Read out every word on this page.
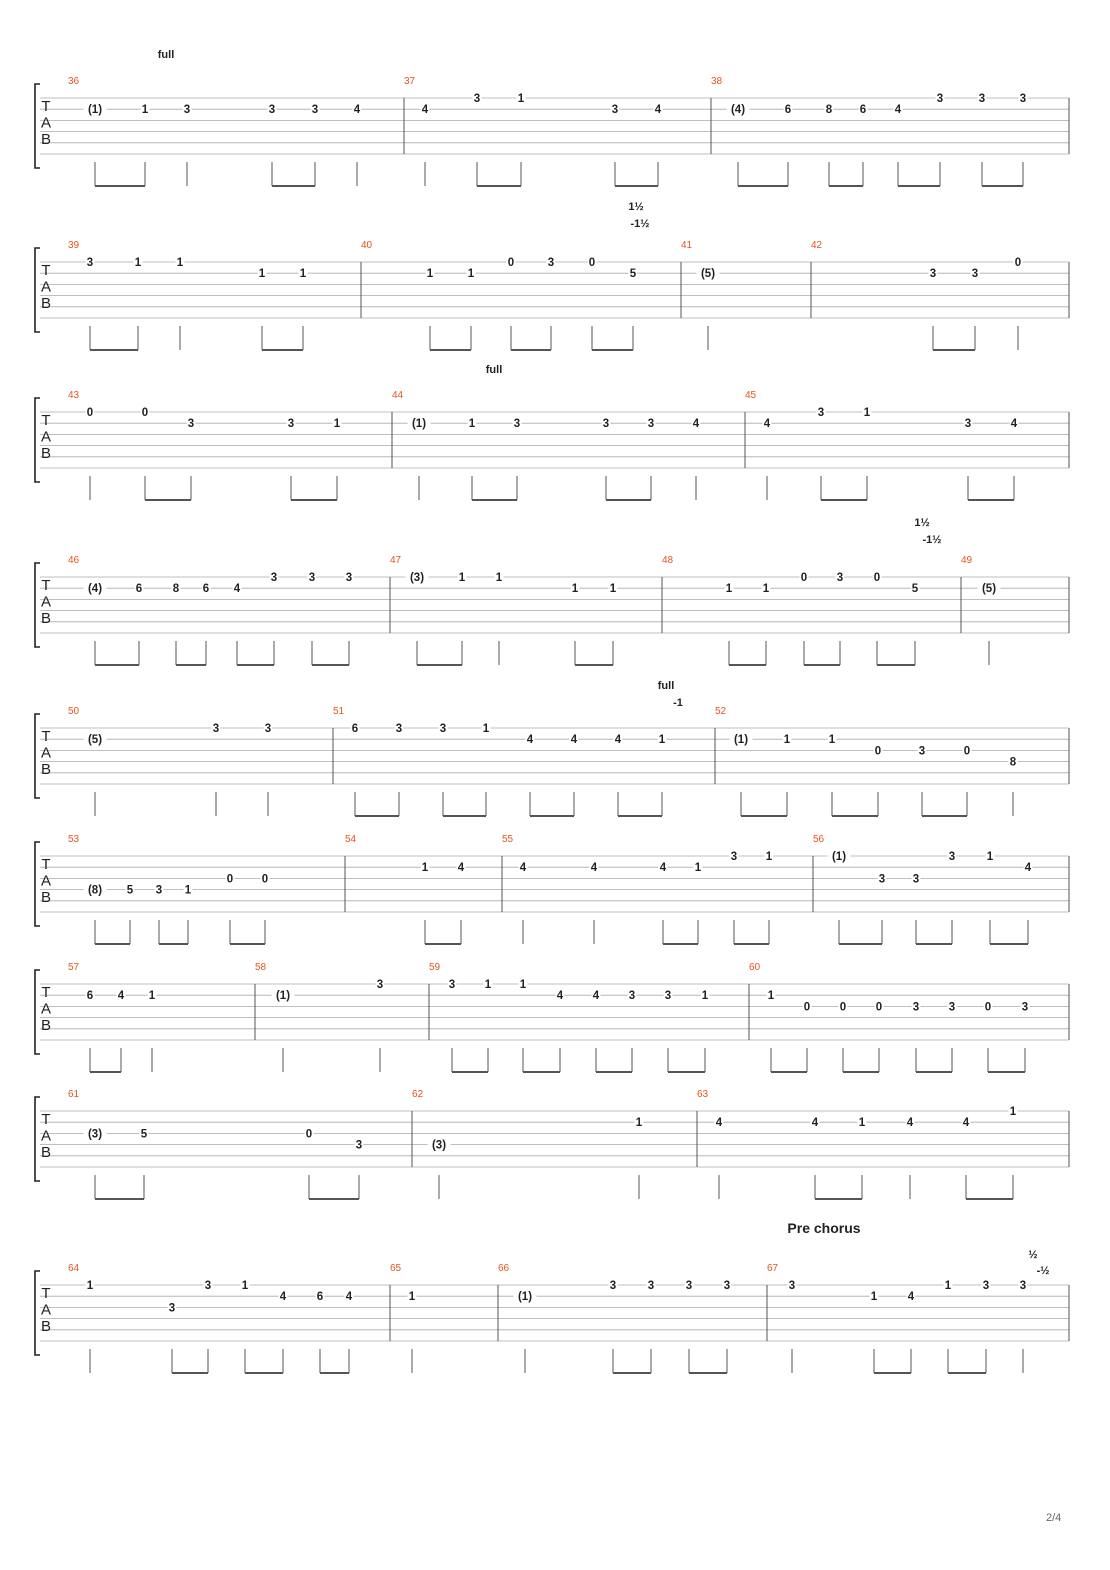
T
A
B
36	37	38
(1)	1	3	3	3	4	4
3	1
3	4	(4)	6	8 6 4
3	3	3
full
T
A
B
39	40	41	42
3	1	1
1	1	1	1
0	3	0
5	(5)	3	3
0
1½
-1½
T
A
B
43	44	45
0	0
3	3	1	(1)	1	3	3	3	4	4
3	1
3	4
full
T
A
B
46	47	48	49
(4)	6	8 6 4
3	3	3	(3)	1	1
1	1	1	1
0	3	0
5	(5)
1½
-1½
T
A
B
50	51	52
(5)
3	3	6	3	3	1
4	4	4	1	(1)	1	1
0	3	0
8
full
-1
T
A
B
53	54	55	56
(8) 5 3 1
0 0
1	4	4	4	4 1
3 1	(1)
3 3
3	1
4
T
A
B
57	58	59	60
6 4 1	(1)
3	3	1 1
4	4	3	3	1	1
0	0	0	3	3	0	3
T
A
B
61	62	63
(3)	5	0
3	(3)
1	4	4	1	4	4
1
T
A
B
64	65	66	67
1
3
3	1
4	6 4	1	(1)
3	3	3	3	3
1	4
1	3	3
½
-½
Pre chorus
2/4
